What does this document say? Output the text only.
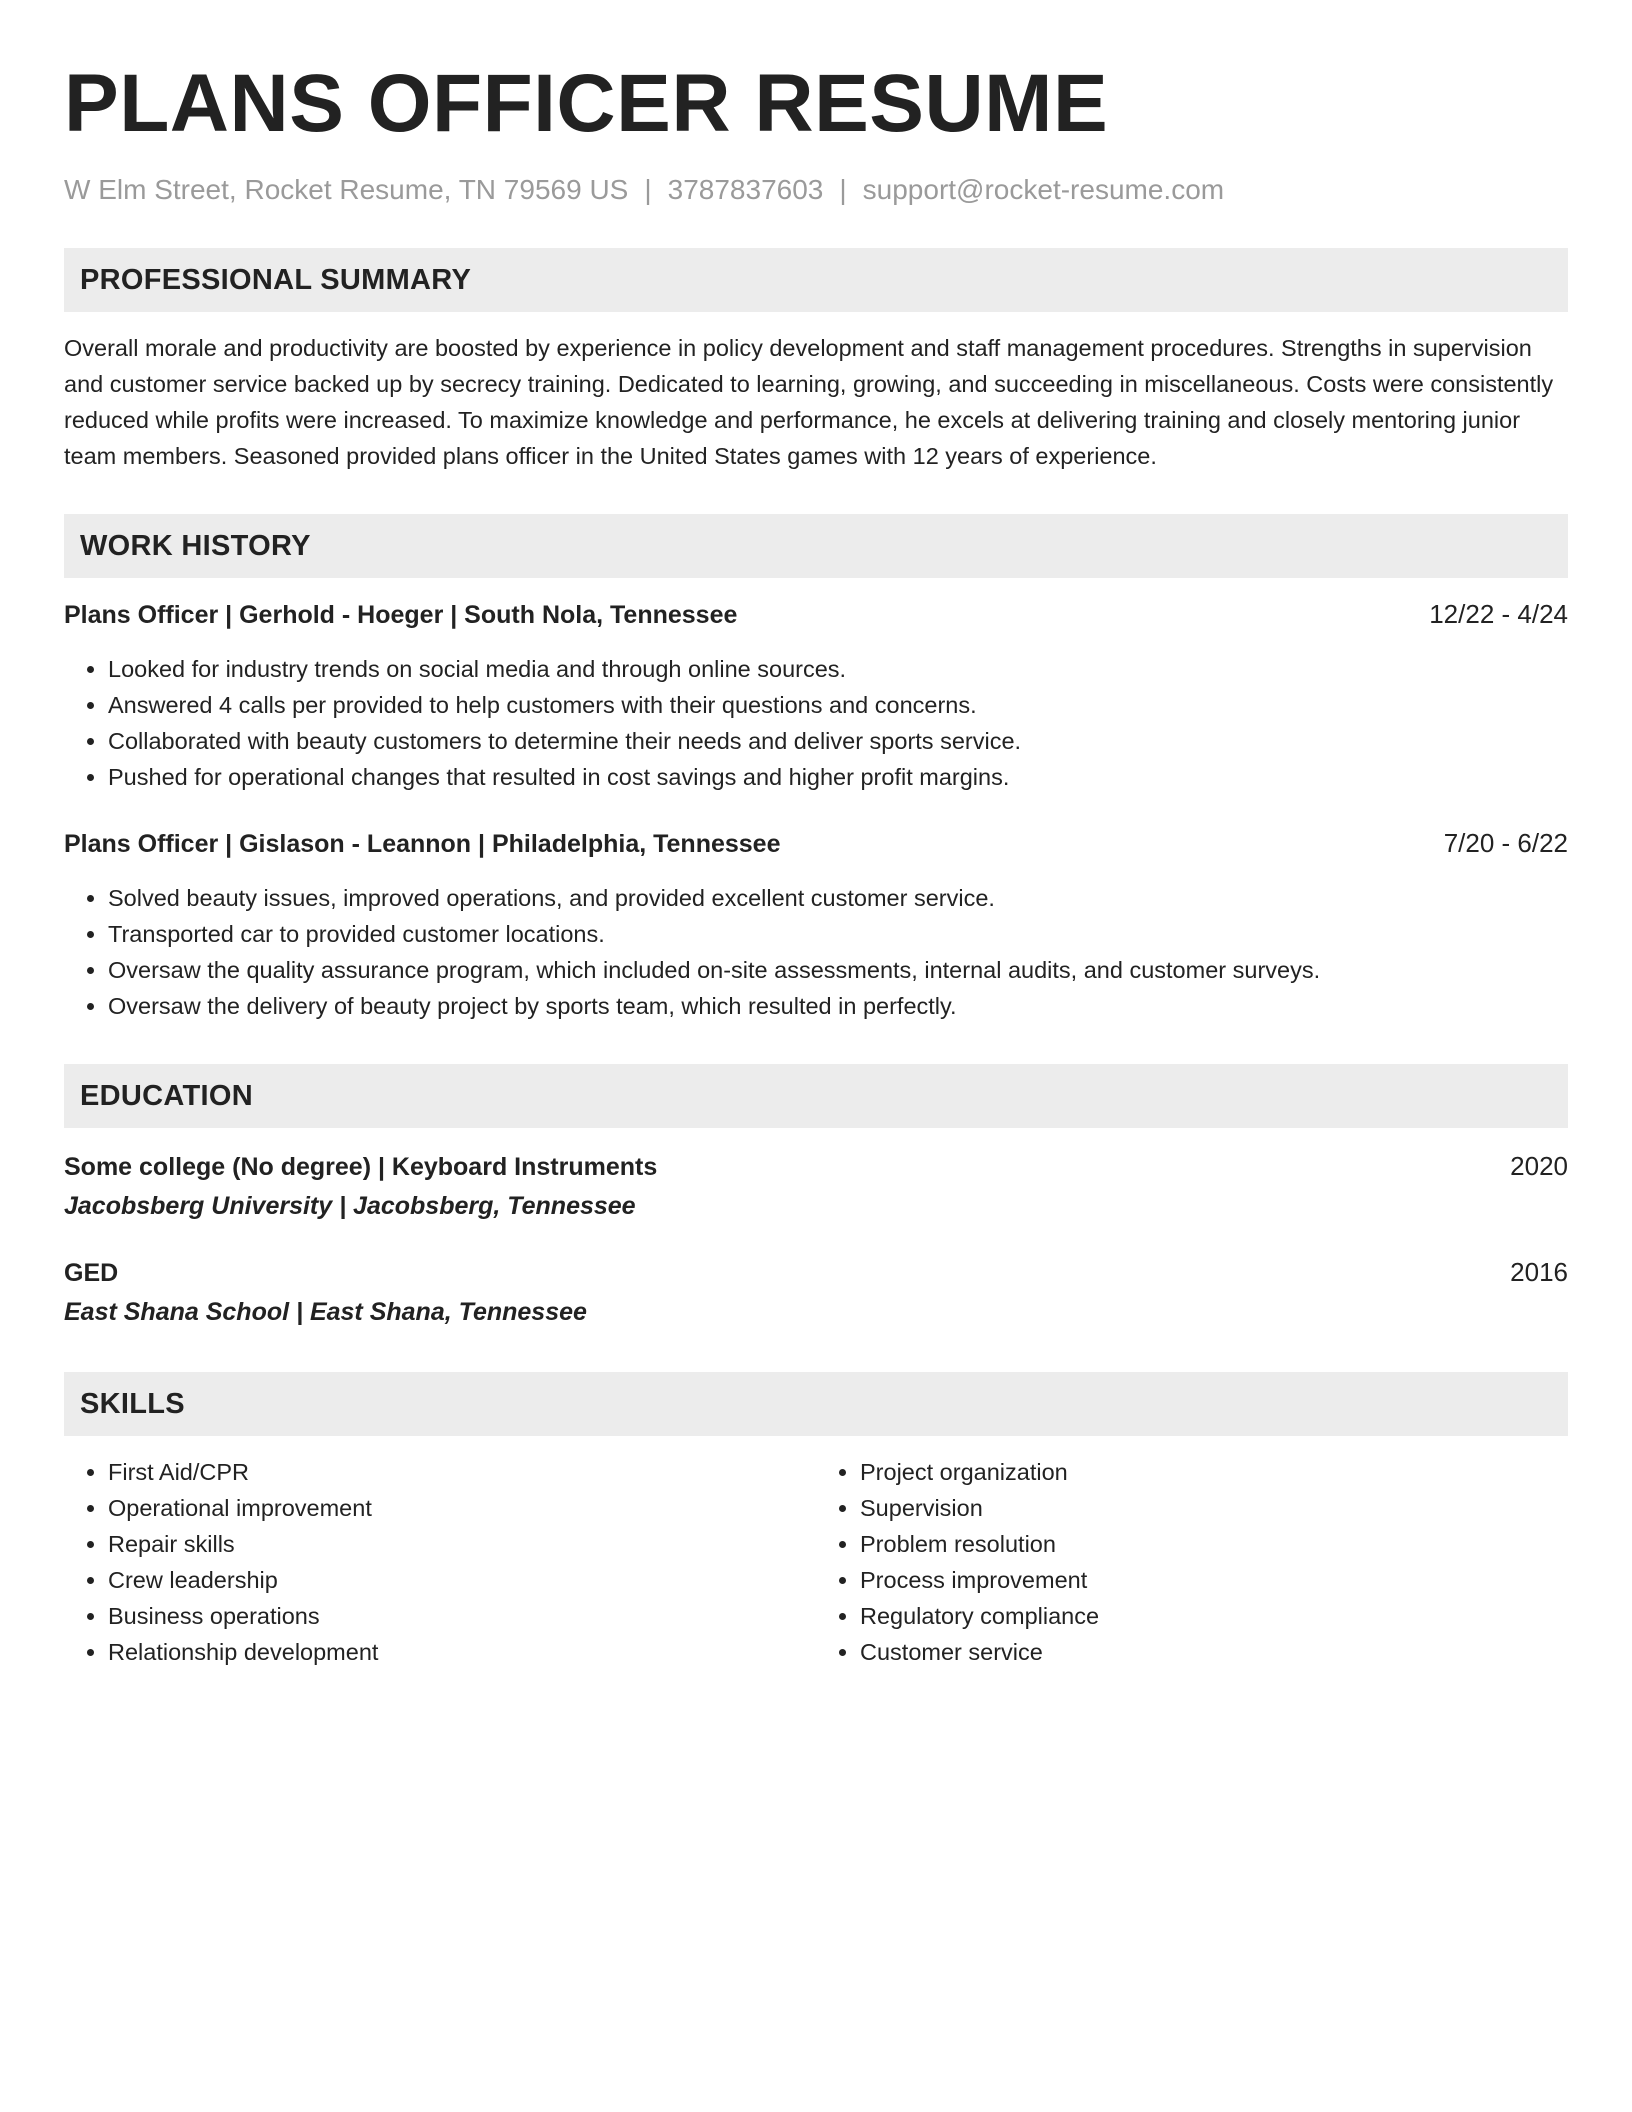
PLANS OFFICER RESUME
W Elm Street, Rocket Resume, TN 79569 US | 3787837603 | support@rocket-resume.com
PROFESSIONAL SUMMARY

Overall morale and productivity are boosted by experience in policy development and staff management procedures. Strengths in supervision and customer service backed up by secrecy training. Dedicated to learning, growing, and succeeding in miscellaneous. Costs were consistently reduced while profits were increased. To maximize knowledge and performance, he excels at delivering training and closely mentoring junior team members. Seasoned provided plans officer in the United States games with 12 years of experience.

WORK HISTORY
Plans Officer | Gerhold - Hoeger | South Nola, Tennessee	12/22 - 4/24
• Looked for industry trends on social media and through online sources.
• Answered 4 calls per provided to help customers with their questions and concerns.
• Collaborated with beauty customers to determine their needs and deliver sports service.
• Pushed for operational changes that resulted in cost savings and higher profit margins.
Plans Officer | Gislason - Leannon | Philadelphia, Tennessee	7/20 - 6/22
• Solved beauty issues, improved operations, and provided excellent customer service.
• Transported car to provided customer locations.
• Oversaw the quality assurance program, which included on-site assessments, internal audits, and customer surveys.
• Oversaw the delivery of beauty project by sports team, which resulted in perfectly.
EDUCATION
Some college (No degree) | Keyboard Instruments	2020
Jacobsberg University | Jacobsberg, Tennessee
GED	2016
East Shana School | East Shana, Tennessee
SKILLS
• First Aid/CPR
• Operational improvement
• Repair skills
• Crew leadership
• Business operations
• Relationship development
• Project organization
• Supervision
• Problem resolution
• Process improvement
• Regulatory compliance
• Customer service
